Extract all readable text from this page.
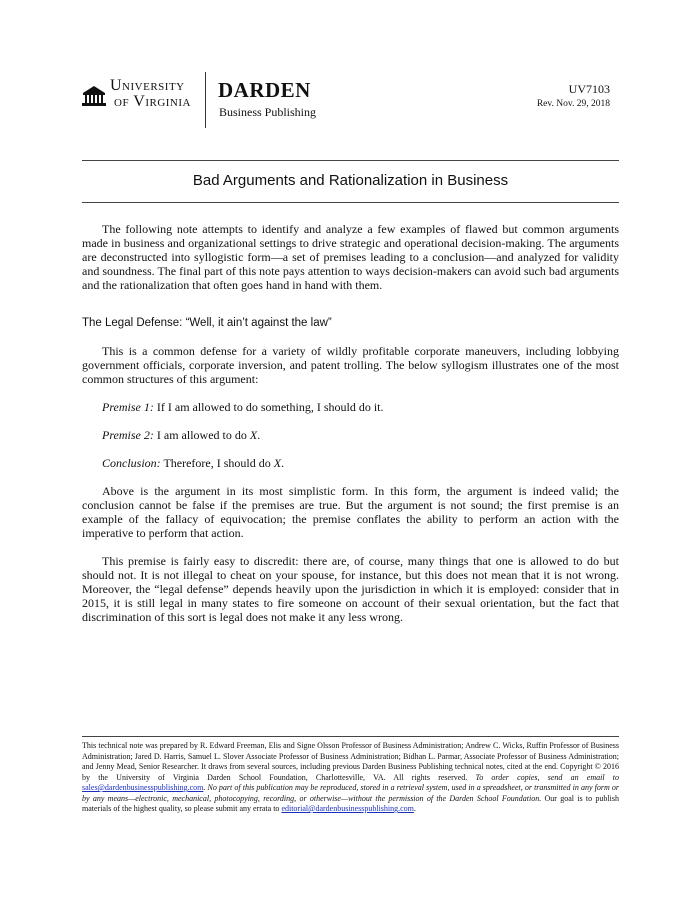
University
of Virginia DARDEN
Business Publishing
UV7103
Rev. Nov. 29, 2018
Bad Arguments and Rationalization in Business

The following note attempts to identify and analyze a few examples of flawed but common arguments made in business and organizational settings to drive strategic and operational decision-making. The arguments are deconstructed into syllogistic form—a set of premises leading to a conclusion—and analyzed for validity and soundness. The final part of this note pays attention to ways decision-makers can avoid such bad arguments and the rationalization that often goes hand in hand with them.

The Legal Defense: “Well, it ain’t against the law”

This is a common defense for a variety of wildly profitable corporate maneuvers, including lobbying government officials, corporate inversion, and patent trolling. The below syllogism illustrates one of the most common structures of this argument:

Premise 1: If I am allowed to do something, I should do it.

Premise 2: I am allowed to do X.

Conclusion: Therefore, I should do X.

Above is the argument in its most simplistic form. In this form, the argument is indeed valid; the conclusion cannot be false if the premises are true. But the argument is not sound; the first premise is an example of the fallacy of equivocation; the premise conflates the ability to perform an action with the imperative to perform that action.

This premise is fairly easy to discredit: there are, of course, many things that one is allowed to do but should not. It is not illegal to cheat on your spouse, for instance, but this does not mean that it is not wrong. Moreover, the “legal defense” depends heavily upon the jurisdiction in which it is employed: consider that in 2015, it is still legal in many states to fire someone on account of their sexual orientation, but the fact that discrimination of this sort is legal does not make it any less wrong.

This technical note was prepared by R. Edward Freeman, Elis and Signe Olsson Professor of Business Administration; Andrew C. Wicks, Ruffin Professor of Business Administration; Jared D. Harris, Samuel L. Slover Associate Professor of Business Administration; Bidhan L. Parmar, Associate Professor of Business Administration; and Jenny Mead, Senior Researcher. It draws from several sources, including previous Darden Business Publishing technical notes, cited at the end. Copyright © 2016 by the University of Virginia Darden School Foundation, Charlottesville, VA. All rights reserved. To order copies, send an email to sales@dardenbusinesspublishing.com. No part of this publication may be reproduced, stored in a retrieval system, used in a spreadsheet, or transmitted in any form or by any means—electronic, mechanical, photocopying, recording, or otherwise—without the permission of the Darden School Foundation. Our goal is to publish materials of the highest quality, so please submit any errata to editorial@dardenbusinesspublishing.com.
